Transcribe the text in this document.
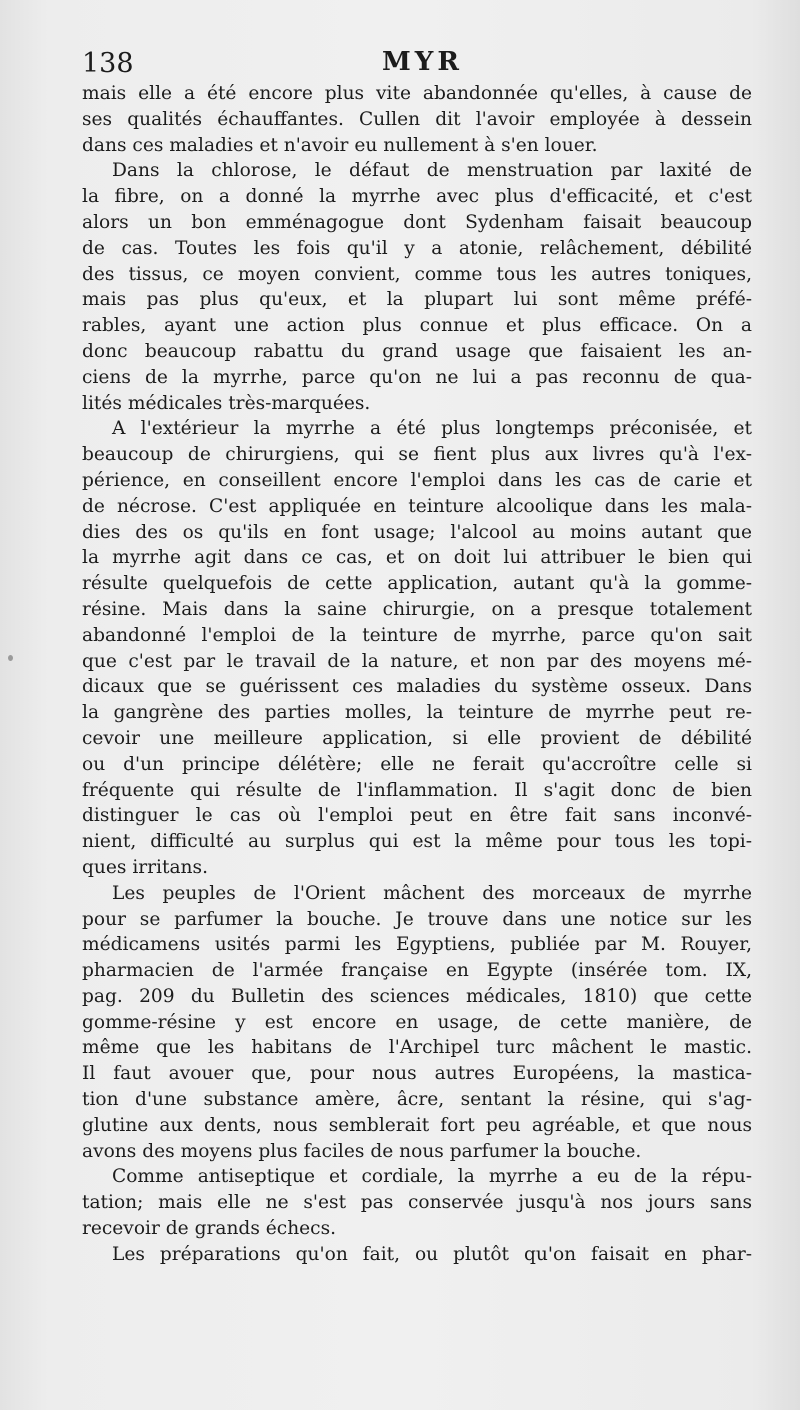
138	MYR
mais elle a été encore plus vite abandonnée qu'elles, à cause de
ses qualités échauffantes. Cullen dit l'avoir employée à dessein
dans ces maladies et n'avoir eu nullement à s'en louer.
Dans la chlorose, le défaut de menstruation par laxité de
la fibre, on a donné la myrrhe avec plus d'efficacité, et c'est
alors un bon emménagogue dont Sydenham faisait beaucoup
de cas. Toutes les fois qu'il y a atonie, relâchement, débilité
des tissus, ce moyen convient, comme tous les autres toniques,
mais pas plus qu'eux, et la plupart lui sont même préfé-
rables, ayant une action plus connue et plus efficace. On a
donc beaucoup rabattu du grand usage que faisaient les an-
ciens de la myrrhe, parce qu'on ne lui a pas reconnu de qua-
lités médicales très-marquées.
A l'extérieur la myrrhe a été plus longtemps préconisée, et
beaucoup de chirurgiens, qui se fient plus aux livres qu'à l'ex-
périence, en conseillent encore l'emploi dans les cas de carie et
de nécrose. C'est appliquée en teinture alcoolique dans les mala-
dies des os qu'ils en font usage; l'alcool au moins autant que
la myrrhe agit dans ce cas, et on doit lui attribuer le bien qui
résulte quelquefois de cette application, autant qu'à la gomme-
résine. Mais dans la saine chirurgie, on a presque totalement
abandonné l'emploi de la teinture de myrrhe, parce qu'on sait
que c'est par le travail de la nature, et non par des moyens mé-
dicaux que se guérissent ces maladies du système osseux. Dans
la gangrène des parties molles, la teinture de myrrhe peut re-
cevoir une meilleure application, si elle provient de débilité
ou d'un principe délétère; elle ne ferait qu'accroître celle si
fréquente qui résulte de l'inflammation. Il s'agit donc de bien
distinguer le cas où l'emploi peut en être fait sans inconvé-
nient, difficulté au surplus qui est la même pour tous les topi-
ques irritans.
Les peuples de l'Orient mâchent des morceaux de myrrhe
pour se parfumer la bouche. Je trouve dans une notice sur les
médicamens usités parmi les Egyptiens, publiée par M. Rouyer,
pharmacien de l'armée française en Egypte (insérée tom. IX,
pag. 209 du Bulletin des sciences médicales, 1810) que cette
gomme-résine y est encore en usage, de cette manière, de
même que les habitans de l'Archipel turc mâchent le mastic.
Il faut avouer que, pour nous autres Européens, la mastica-
tion d'une substance amère, âcre, sentant la résine, qui s'ag-
glutine aux dents, nous semblerait fort peu agréable, et que nous
avons des moyens plus faciles de nous parfumer la bouche.
Comme antiseptique et cordiale, la myrrhe a eu de la répu-
tation; mais elle ne s'est pas conservée jusqu'à nos jours sans
recevoir de grands échecs.
Les préparations qu'on fait, ou plutôt qu'on faisait en phar-
